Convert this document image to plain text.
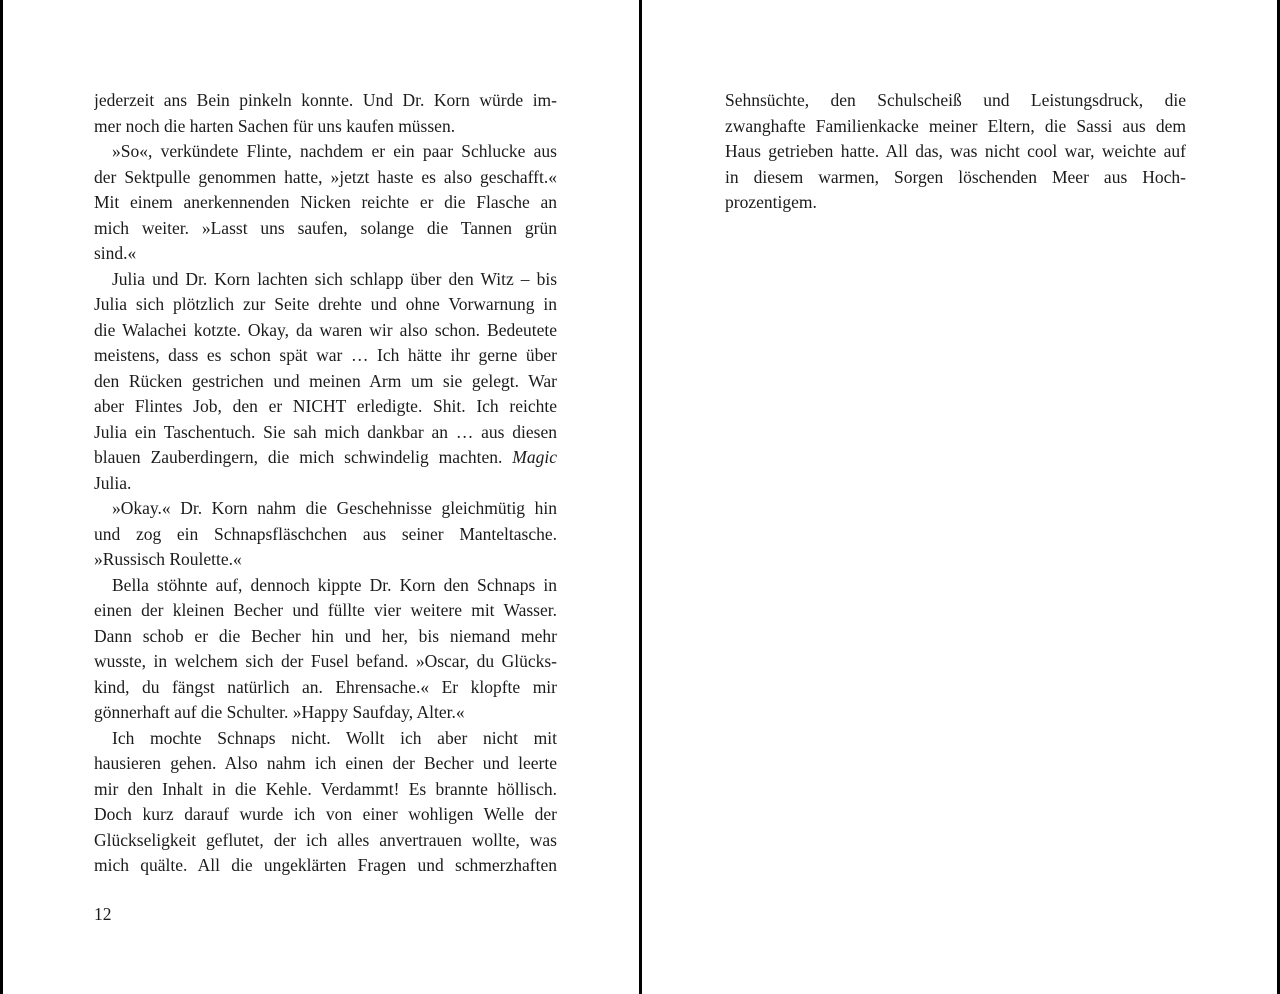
jederzeit ans Bein pinkeln konnte. Und Dr. Korn würde im-
mer noch die harten Sachen für uns kaufen müssen.
»So«, verkündete Flinte, nachdem er ein paar Schlucke aus
der Sektpulle genommen hatte, »jetzt haste es also geschafft.«
Mit einem anerkennenden Nicken reichte er die Flasche an
mich weiter. »Lasst uns saufen, solange die Tannen grün
sind.«
Julia und Dr. Korn lachten sich schlapp über den Witz – bis
Julia sich plötzlich zur Seite drehte und ohne Vorwarnung in
die Walachei kotzte. Okay, da waren wir also schon. Bedeutete
meistens, dass es schon spät war … Ich hätte ihr gerne über
den Rücken gestrichen und meinen Arm um sie gelegt. War
aber Flintes Job, den er NICHT erledigte. Shit. Ich reichte
Julia ein Taschentuch. Sie sah mich dankbar an … aus diesen
blauen Zauberdingern, die mich schwindelig machten. Magic
Julia.
»Okay.« Dr. Korn nahm die Geschehnisse gleichmütig hin
und zog ein Schnapsfläschchen aus seiner Manteltasche.
»Russisch Roulette.«
Bella stöhnte auf, dennoch kippte Dr. Korn den Schnaps in
einen der kleinen Becher und füllte vier weitere mit Wasser.
Dann schob er die Becher hin und her, bis niemand mehr
wusste, in welchem sich der Fusel befand. »Oscar, du Glücks-
kind, du fängst natürlich an. Ehrensache.« Er klopfte mir
gönnerhaft auf die Schulter. »Happy Saufday, Alter.«
Ich mochte Schnaps nicht. Wollt ich aber nicht mit
hausieren gehen. Also nahm ich einen der Becher und leerte
mir den Inhalt in die Kehle. Verdammt! Es brannte höllisch.
Doch kurz darauf wurde ich von einer wohligen Welle der
Glückseligkeit geflutet, der ich alles anvertrauen wollte, was
mich quälte. All die ungeklärten Fragen und schmerzhaften
12
Sehnsüchte, den Schulscheiß und Leistungsdruck, die
zwanghafte Familienkacke meiner Eltern, die Sassi aus dem
Haus getrieben hatte. All das, was nicht cool war, weichte auf
in diesem warmen, Sorgen löschenden Meer aus Hoch-
prozentigem.
